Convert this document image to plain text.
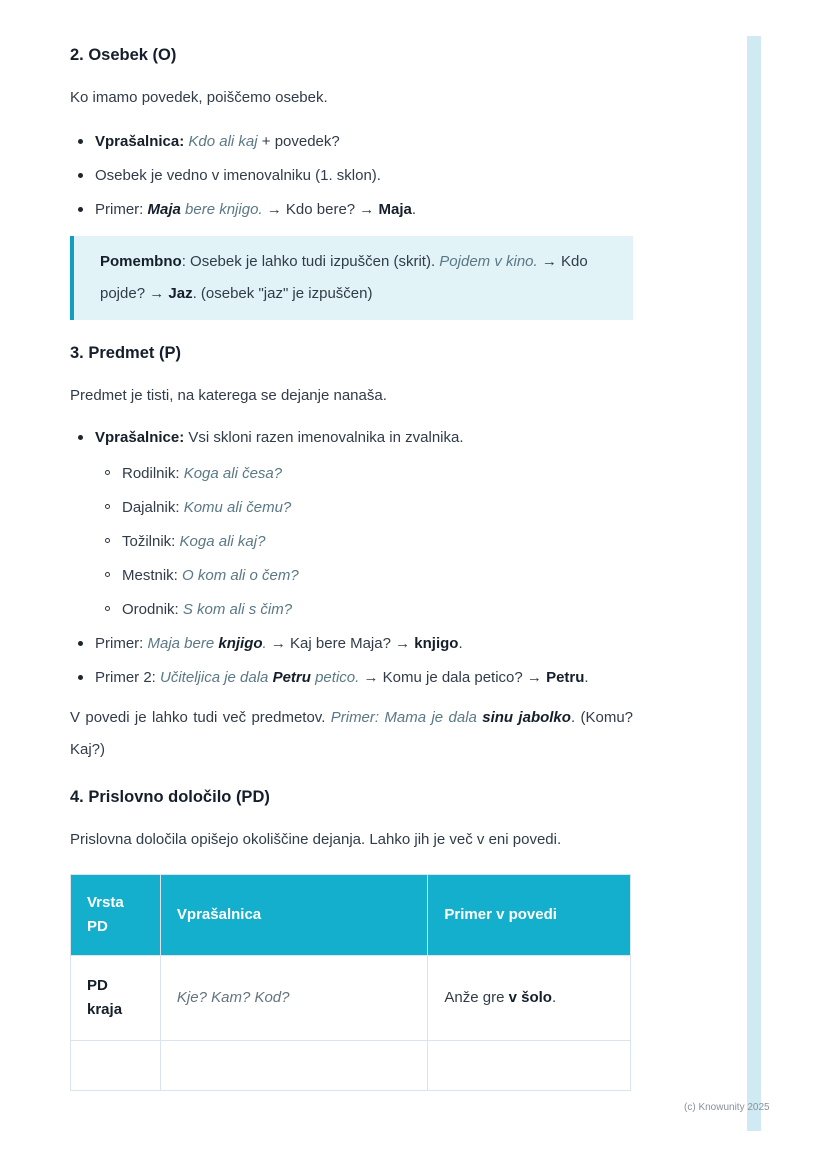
2. Osebek (O)

Ko imamo povedek, poiščemo osebek.

Vprašalnica: Kdo ali kaj + povedek?
Osebek je vedno v imenovalniku (1. sklon).
Primer: Maja bere knjigo. → Kdo bere? → Maja.
Pomembno: Osebek je lahko tudi izpuščen (skrit). Pojdem v kino. → Kdo pojde? → Jaz. (osebek "jaz" je izpuščen)
3. Predmet (P)

Predmet je tisti, na katerega se dejanje nanaša.

Vprašalnice: Vsi skloni razen imenovalnika in zvalnika.
Rodilnik: Koga ali česa?
Dajalnik: Komu ali čemu?
Tožilnik: Koga ali kaj?
Mestnik: O kom ali o čem?
Orodnik: S kom ali s čim?
Primer: Maja bere knjigo. → Kaj bere Maja? → knjigo.
Primer 2: Učiteljica je dala Petru petico. → Komu je dala petico? → Petru.

V povedi je lahko tudi več predmetov. Primer: Mama je dala sinu jabolko. (Komu? Kaj?)

4. Prislovno določilo (PD)

Prislovna določila opišejo okoliščine dejanja. Lahko jih je več v eni povedi.

Vrsta PD	Vprašalnica	Primer v povedi
PD kraja	Kje? Kam? Kod?	Anže gre v šolo.

(c) Knowunity 2025
